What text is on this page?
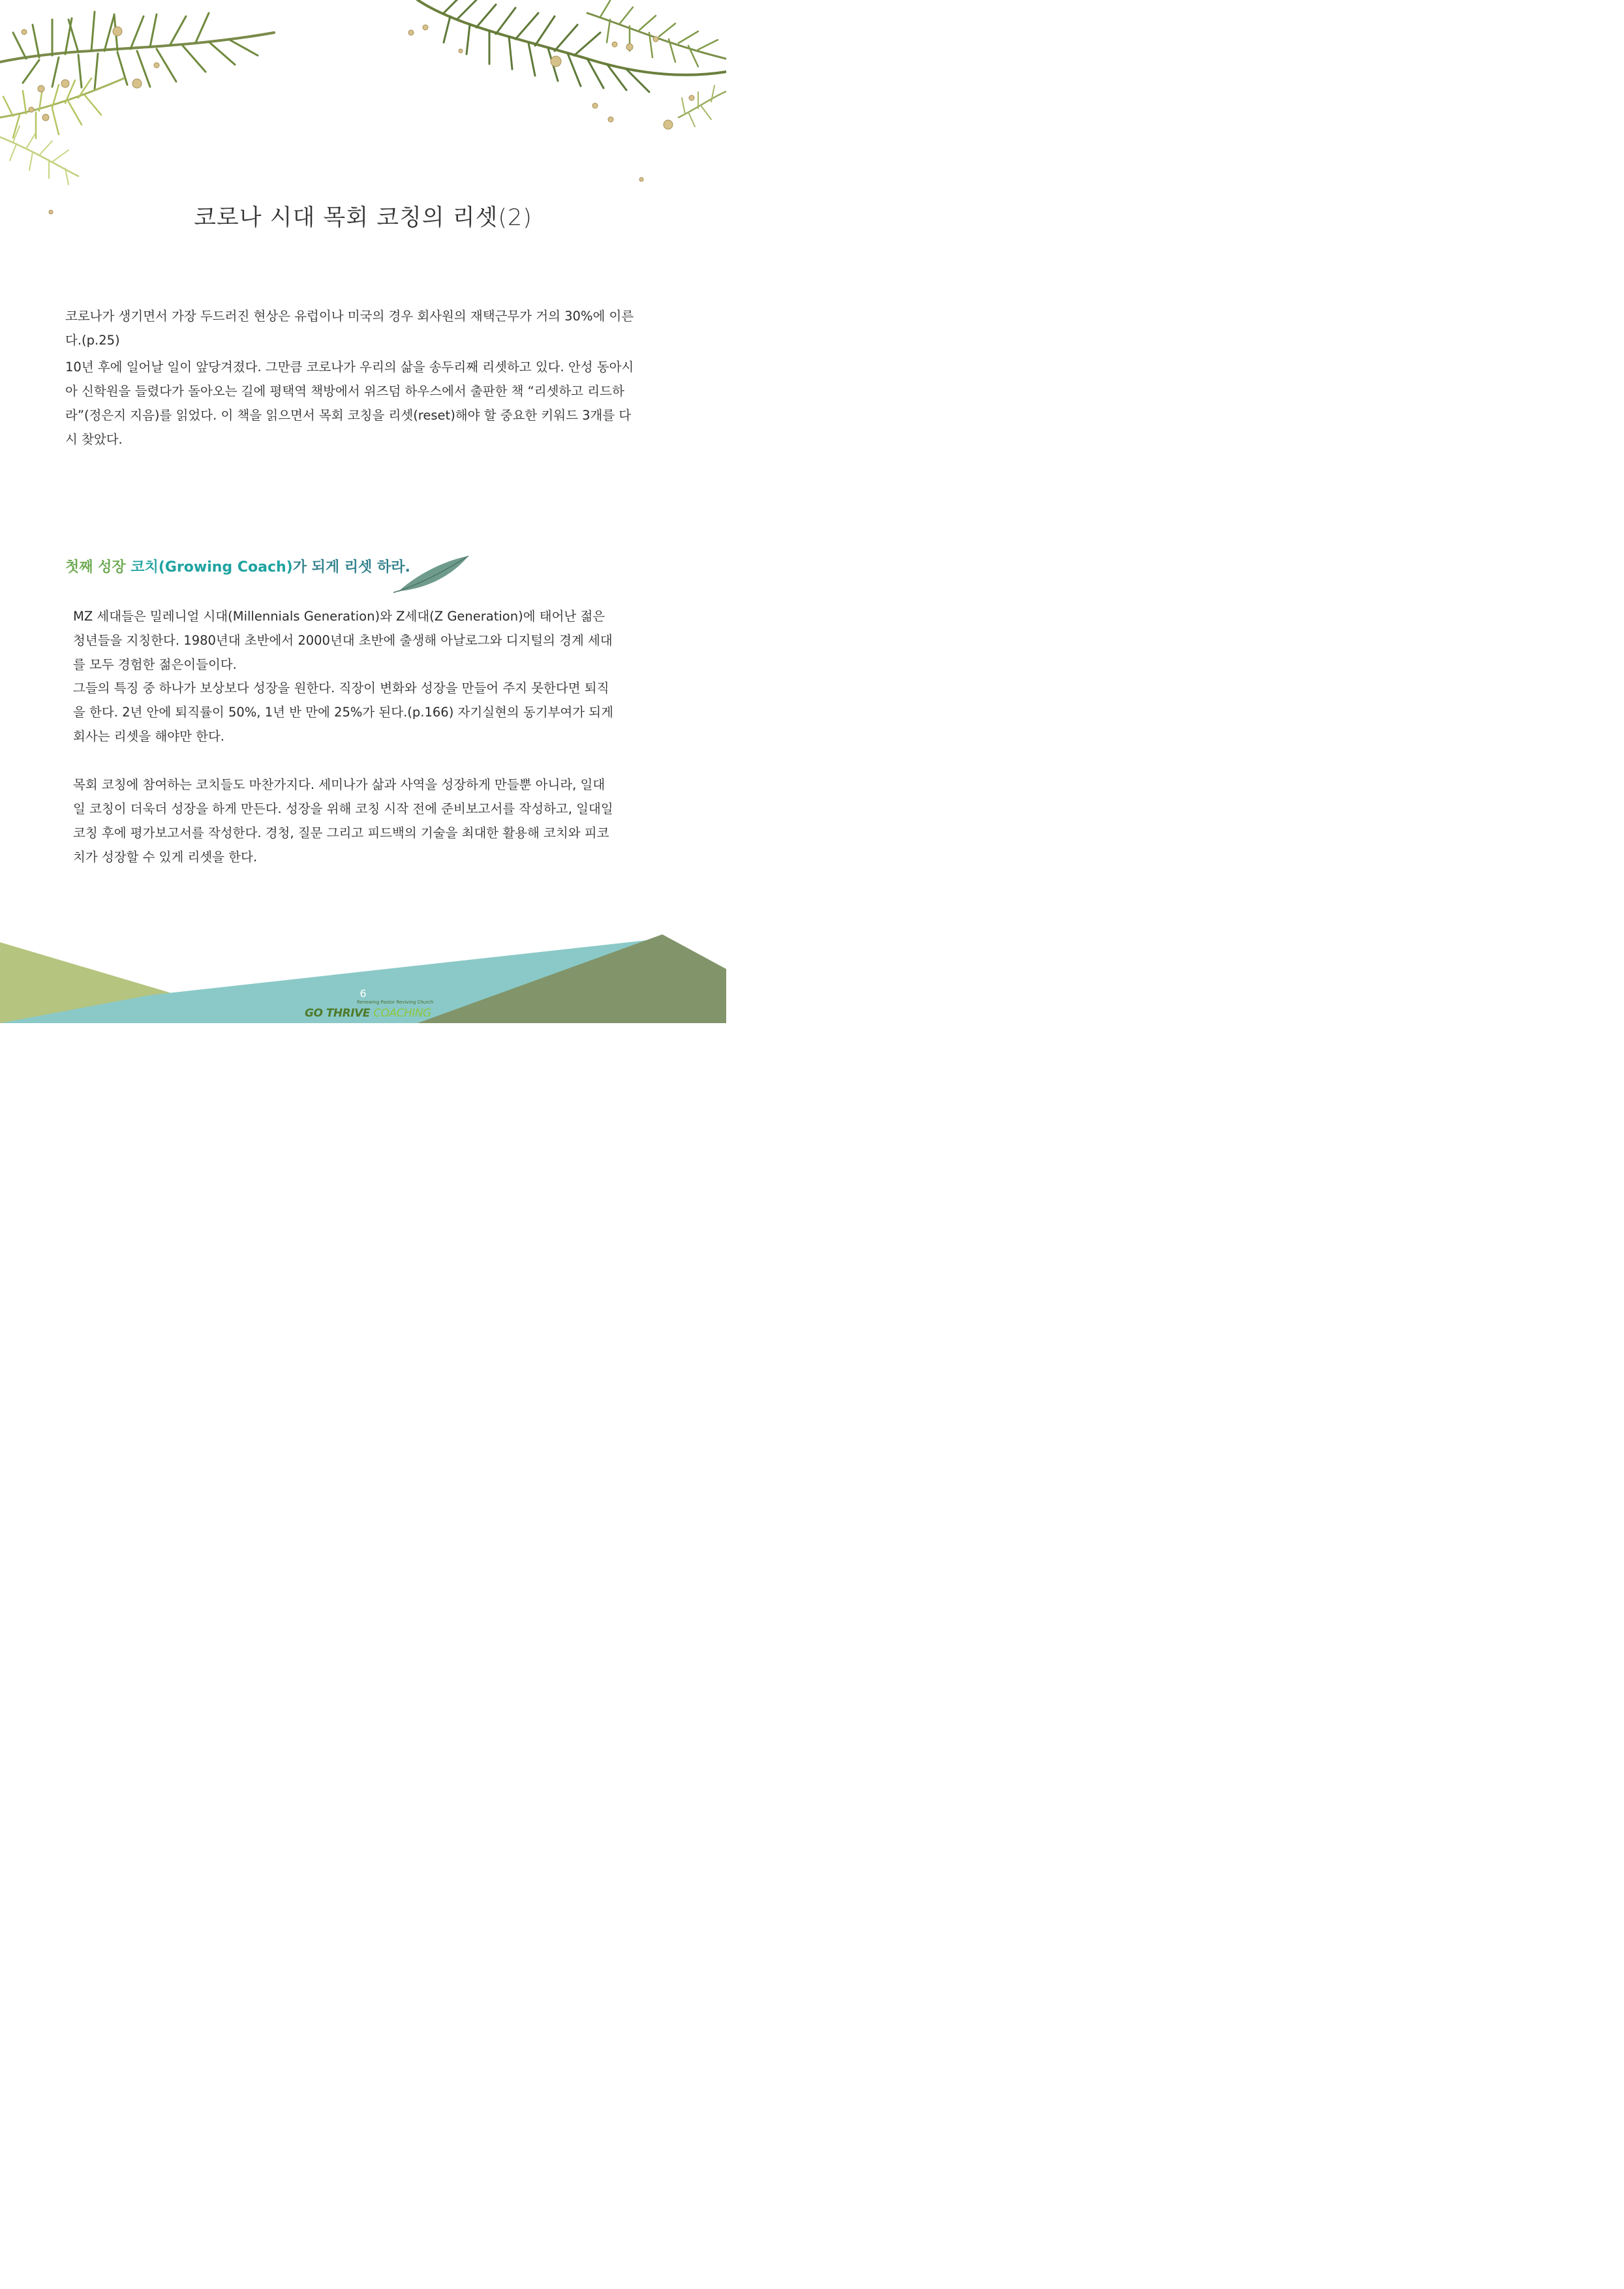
코로나 시대 목회 코칭의 리셋(2)

코로나가 생기면서 가장 두드러진 현상은 유럽이나 미국의 경우 회사원의 재택근무가 거의 30%에 이른다.(p.25)

10년 후에 일어날 일이 앞당겨졌다. 그만큼 코로나가 우리의 삶을 송두리째 리셋하고 있다. 안성 동아시아 신학원을 들렸다가 돌아오는 길에 평택역 책방에서 위즈덤 하우스에서 출판한 책 “리셋하고 리드하라”(정은지 지음)를 읽었다. 이 책을 읽으면서 목회 코칭을 리셋(reset)해야 할 중요한 키워드 3개를 다시 찾았다.

첫째 성장 코치(Growing Coach)가 되게 리셋 하라.

MZ 세대들은 밀레니얼 시대(Millennials Generation)와 Z세대(Z Generation)에 태어난 젊은 청년들을 지칭한다. 1980년대 초반에서 2000년대 초반에 출생해 아날로그와 디지털의 경계 세대를 모두 경험한 젊은이들이다.

그들의 특징 중 하나가 보상보다 성장을 원한다. 직장이 변화와 성장을 만들어 주지 못한다면 퇴직을 한다. 2년 안에 퇴직률이 50%, 1년 반 만에 25%가 된다.(p.166) 자기실현의 동기부여가 되게 회사는 리셋을 해야만 한다.

목회 코칭에 참여하는 코치들도 마찬가지다. 세미나가 삶과 사역을 성장하게 만들뿐 아니라, 일대일 코칭이 더욱더 성장을 하게 만든다. 성장을 위해 코칭 시작 전에 준비보고서를 작성하고, 일대일 코칭 후에 평가보고서를 작성한다. 경청, 질문 그리고 피드백의 기술을 최대한 활용해 코치와 피코치가 성장할 수 있게 리셋을 한다.

6
Renewing Pastor Reviving Church
GO THRIVE COACHING
